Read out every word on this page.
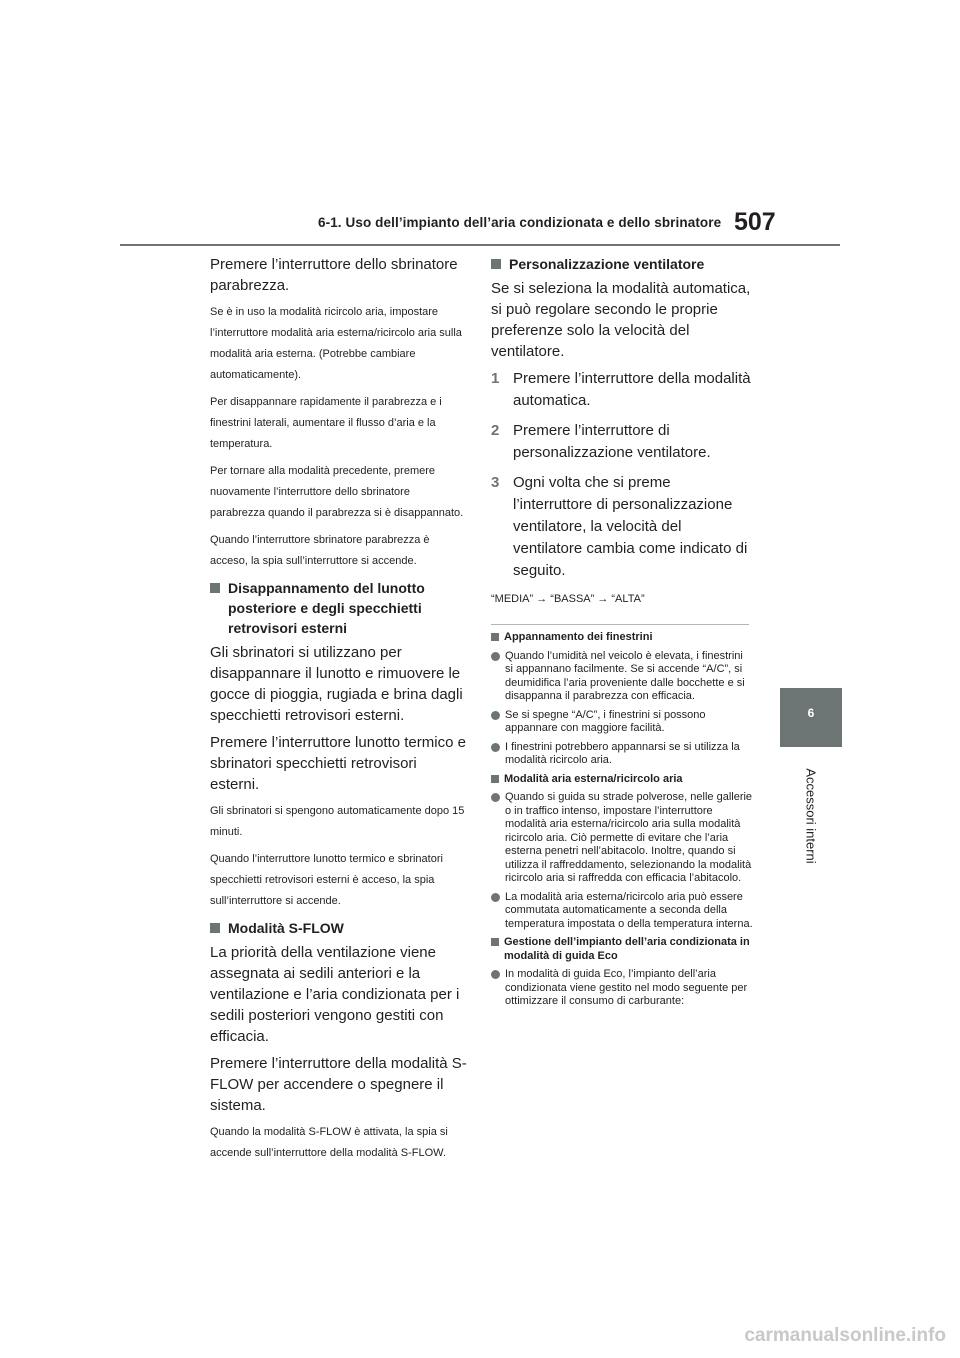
6-1. Uso dell’impianto dell’aria condizionata e dello sbrinatore 507
6
Accessori interni

Premere l’interruttore dello sbrinatore parabrezza.

Se è in uso la modalità ricircolo aria, impostare l’interruttore modalità aria esterna/ricircolo aria sulla modalità aria esterna. (Potrebbe cambiare automaticamente).

Per disappannare rapidamente il parabrezza e i finestrini laterali, aumentare il flusso d’aria e la temperatura.

Per tornare alla modalità precedente, premere nuovamente l’interruttore dello sbrinatore parabrezza quando il parabrezza si è disappannato.

Quando l’interruttore sbrinatore parabrezza è acceso, la spia sull’interruttore si accende.

Disappannamento del lunotto posteriore e degli specchietti retrovisori esterni

Gli sbrinatori si utilizzano per disappannare il lunotto e rimuovere le gocce di pioggia, rugiada e brina dagli specchietti retrovisori esterni.

Premere l’interruttore lunotto termico e sbrinatori specchietti retrovisori esterni.

Gli sbrinatori si spengono automaticamente dopo 15 minuti.

Quando l’interruttore lunotto termico e sbrinatori specchietti retrovisori esterni è acceso, la spia sull’interruttore si accende.

Modalità S-FLOW

La priorità della ventilazione viene assegnata ai sedili anteriori e la ventilazione e l’aria condizionata per i sedili posteriori vengono gestiti con efficacia.

Premere l’interruttore della modalità S-FLOW per accendere o spegnere il sistema.

Quando la modalità S-FLOW è attivata, la spia si accende sull’interruttore della modalità S-FLOW.

Personalizzazione ventilatore

Se si seleziona la modalità automatica, si può regolare secondo le proprie preferenze solo la velocità del ventilatore.

1 Premere l’interruttore della modalità automatica.
2 Premere l’interruttore di personalizzazione ventilatore.
3 Ogni volta che si preme l’interruttore di personalizzazione ventilatore, la velocità del ventilatore cambia come indicato di seguito.

“MEDIA” → “BASSA” → “ALTA”

Appannamento dei finestrini
Quando l’umidità nel veicolo è elevata, i finestrini si appannano facilmente. Se si accende “A/C”, si deumidifica l’aria proveniente dalle bocchette e si disappanna il parabrezza con efficacia.
Se si spegne “A/C”, i finestrini si possono appannare con maggiore facilità.
I finestrini potrebbero appannarsi se si utilizza la modalità ricircolo aria.
Modalità aria esterna/ricircolo aria
Quando si guida su strade polverose, nelle gallerie o in traffico intenso, impostare l’interruttore modalità aria esterna/ricircolo aria sulla modalità ricircolo aria. Ciò permette di evitare che l’aria esterna penetri nell’abitacolo. Inoltre, quando si utilizza il raffreddamento, selezionando la modalità ricircolo aria si raffredda con efficacia l’abitacolo.
La modalità aria esterna/ricircolo aria può essere commutata automaticamente a seconda della temperatura impostata o della temperatura interna.
Gestione dell’impianto dell’aria condizionata in modalità di guida Eco
In modalità di guida Eco, l’impianto dell’aria condizionata viene gestito nel modo seguente per ottimizzare il consumo di carburante:
carmanualsonline.info
